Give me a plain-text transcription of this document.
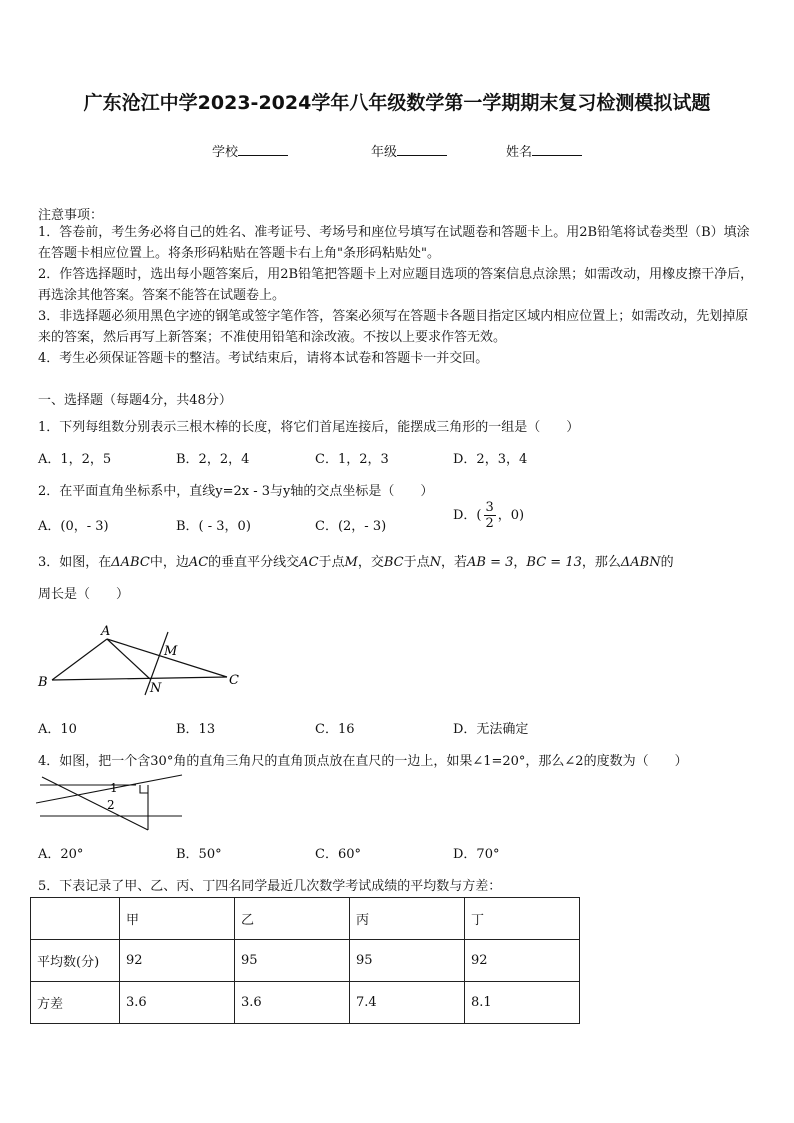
广东沧江中学2023-2024学年八年级数学第一学期期末复习检测模拟试题
学校	年级	姓名
注意事项：
1．答卷前，考生务必将自己的姓名、准考证号、考场号和座位号填写在试题卷和答题卡上。用2B铅笔将试卷类型（B）填涂在答题卡相应位置上。将条形码粘贴在答题卡右上角"条形码粘贴处"。
2．作答选择题时，选出每小题答案后，用2B铅笔把答题卡上对应题目选项的答案信息点涂黑；如需改动，用橡皮擦干净后，再选涂其他答案。答案不能答在试题卷上。
3．非选择题必须用黑色字迹的钢笔或签字笔作答，答案必须写在答题卡各题目指定区域内相应位置上；如需改动，先划掉原来的答案，然后再写上新答案；不准使用铅笔和涂改液。不按以上要求作答无效。
4．考生必须保证答题卡的整洁。考试结束后，请将本试卷和答题卡一并交回。
一、选择题（每题4分，共48分）
1．下列每组数分别表示三根木棒的长度，将它们首尾连接后，能摆成三角形的一组是（　　）
A．1，2，5	B．2，2，4	C．1，2，3	D．2，3，4
2．在平面直角坐标系中，直线y=2x - 3与y轴的交点坐标是（　　）
A．(0，- 3)	B．( - 3，0)	C．(2，- 3)
D．( $\frac{3}{2}$ ，0)
3．如图，在ΔABC中，边AC的垂直平分线交AC于点M，交BC于点N，若AB = 3，BC = 13，那么ΔABN的
周长是（　　）
A
B	C
M
N
A．10	B．13	C．16	D．无法确定
4．如图，把一个含30°角的直角三角尺的直角顶点放在直尺的一边上，如果∠1=20°，那么∠2的度数为（　　）
1
2
A．20°	B．50°	C．60°	D．70°
5．下表记录了甲、乙、丙、丁四名同学最近几次数学考试成绩的平均数与方差：
	甲	乙	丙	丁
平均数(分)	92	95	95	92
方差	3.6	3.6	7.4	8.1
